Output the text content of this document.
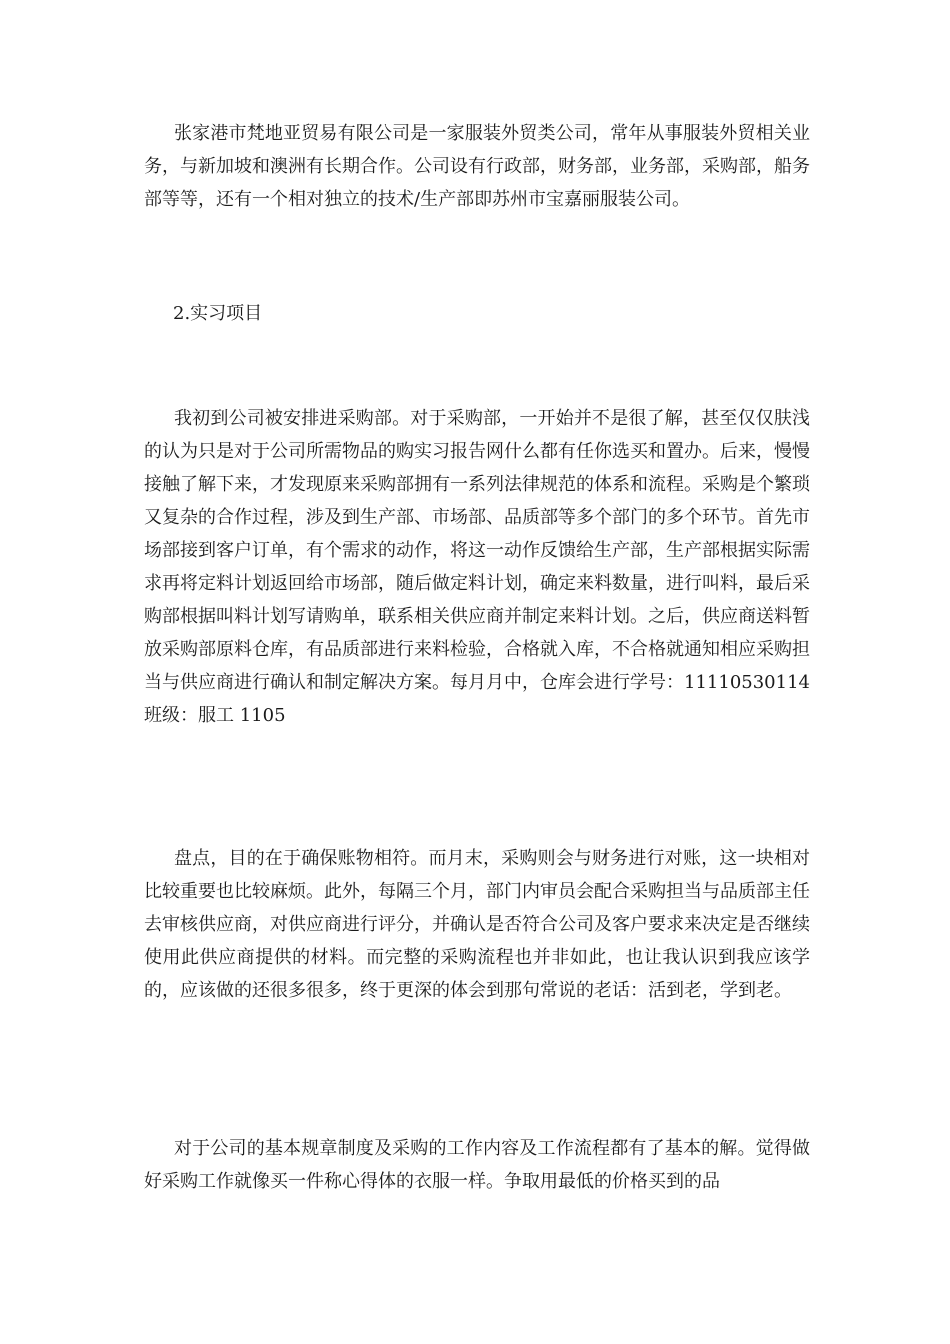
张家港市梵地亚贸易有限公司是一家服装外贸类公司，常年从事服装外贸相关业务，与新加坡和澳洲有长期合作。公司设有行政部，财务部，业务部，采购部，船务部等等，还有一个相对独立的技术/生产部即苏州市宝嘉丽服装公司。

2.实习项目

我初到公司被安排进采购部。对于采购部，一开始并不是很了解，甚至仅仅肤浅的认为只是对于公司所需物品的购实习报告网什么都有任你选买和置办。后来，慢慢接触了解下来，才发现原来采购部拥有一系列法律规范的体系和流程。采购是个繁琐又复杂的合作过程，涉及到生产部、市场部、品质部等多个部门的多个环节。首先市场部接到客户订单，有个需求的动作，将这一动作反馈给生产部，生产部根据实际需求再将定料计划返回给市场部，随后做定料计划，确定来料数量，进行叫料，最后采购部根据叫料计划写请购单，联系相关供应商并制定来料计划。之后，供应商送料暂放采购部原料仓库，有品质部进行来料检验，合格就入库，不合格就通知相应采购担当与供应商进行确认和制定解决方案。每月月中，仓库会进行学号：11110530114 班级：服工 1105

盘点，目的在于确保账物相符。而月末，采购则会与财务进行对账，这一块相对比较重要也比较麻烦。此外，每隔三个月，部门内审员会配合采购担当与品质部主任去审核供应商，对供应商进行评分，并确认是否符合公司及客户要求来决定是否继续使用此供应商提供的材料。而完整的采购流程也并非如此，也让我认识到我应该学的，应该做的还很多很多，终于更深的体会到那句常说的老话：活到老，学到老。

对于公司的基本规章制度及采购的工作内容及工作流程都有了基本的解。觉得做好采购工作就像买一件称心得体的衣服一样。争取用最低的价格买到的品
